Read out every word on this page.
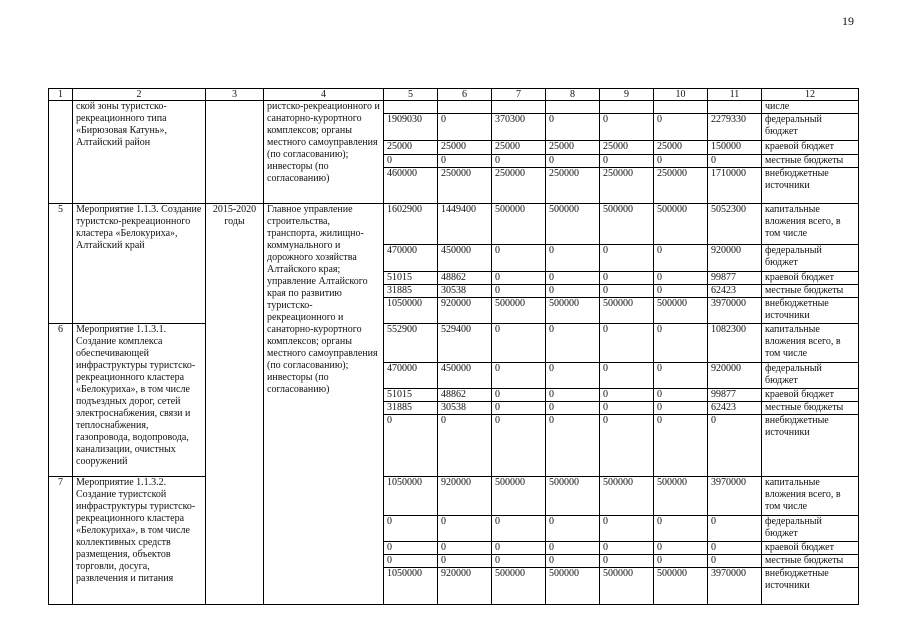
19
1	2	3	4	5	6	7	8	9	10	11	12
	ской зоны туристско-рекреационного типа «Бирюзовая Катунь», Алтайский район		ристско-рекреационного и санаторно-курортного комплексов; органы местного самоуправления (по согласованию); инвесторы (по согласованию)								числе
				1909030	0	370300	0	0	0	2279330	федеральный бюджет
				25000	25000	25000	25000	25000	25000	150000	краевой бюджет
				0	0	0	0	0	0	0	местные бюджеты
				460000	250000	250000	250000	250000	250000	1710000	внебюджетные источники
5	Мероприятие 1.1.3. Создание туристско-рекреационного кластера «Белокуриха», Алтайский край	2015-2020 годы	Главное управление строительства, транспорта, жилищно-коммунального и дорожного хозяйства Алтайского края; управление Алтайского края по развитию туристско-рекреационного и санаторно-курортного комплексов; органы местного самоуправления (по согласованию); инвесторы (по согласованию)	1602900	1449400	500000	500000	500000	500000	5052300	капитальные вложения всего, в том числе
				470000	450000	0	0	0	0	920000	федеральный бюджет
				51015	48862	0	0	0	0	99877	краевой бюджет
				31885	30538	0	0	0	0	62423	местные бюджеты
				1050000	920000	500000	500000	500000	500000	3970000	внебюджетные источники
6	Мероприятие 1.1.3.1. Создание комплекса обеспечивающей инфраструктуры туристско-рекреационного кластера «Белокуриха», в том числе подъездных дорог, сетей электроснабжения, связи и теплоснабжения, газопровода, водопровода, канализации, очистных сооружений			552900	529400	0	0	0	0	1082300	капитальные вложения всего, в том числе
				470000	450000	0	0	0	0	920000	федеральный бюджет
				51015	48862	0	0	0	0	99877	краевой бюджет
				31885	30538	0	0	0	0	62423	местные бюджеты
				0	0	0	0	0	0	0	внебюджетные источники
7	Мероприятие 1.1.3.2. Создание туристской инфраструктуры туристско-рекреационного кластера «Белокуриха», в том числе коллективных средств размещения, объектов торговли, досуга, развлечения и питания			1050000	920000	500000	500000	500000	500000	3970000	капитальные вложения всего, в том числе
				0	0	0	0	0	0	0	федеральный бюджет
				0	0	0	0	0	0	0	краевой бюджет
				0	0	0	0	0	0	0	местные бюджеты
				1050000	920000	500000	500000	500000	500000	3970000	внебюджетные источники
